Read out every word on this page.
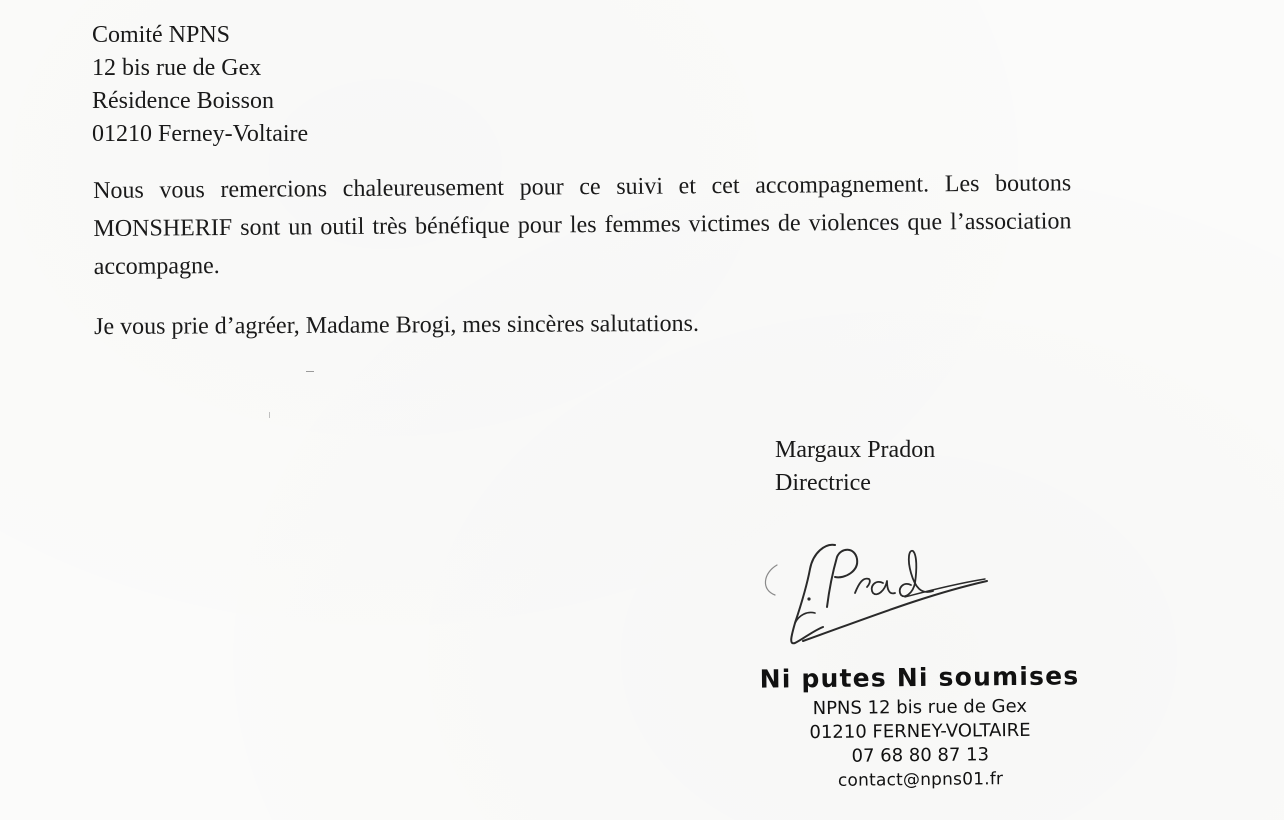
Comité NPNS
12 bis rue de Gex
Résidence Boisson
01210 Ferney-Voltaire
Nous vous remercions chaleureusement pour ce suivi et cet accompagnement. Les boutons MONSHERIF sont un outil très bénéfique pour les femmes victimes de violences que l’association accompagne.
Je vous prie d’agréer, Madame Brogi, mes sincères salutations.
Margaux Pradon
Directrice
Ni putes Ni soumises
NPNS 12 bis rue de Gex
01210 FERNEY-VOLTAIRE
07 68 80 87 13
contact@npns01.fr
